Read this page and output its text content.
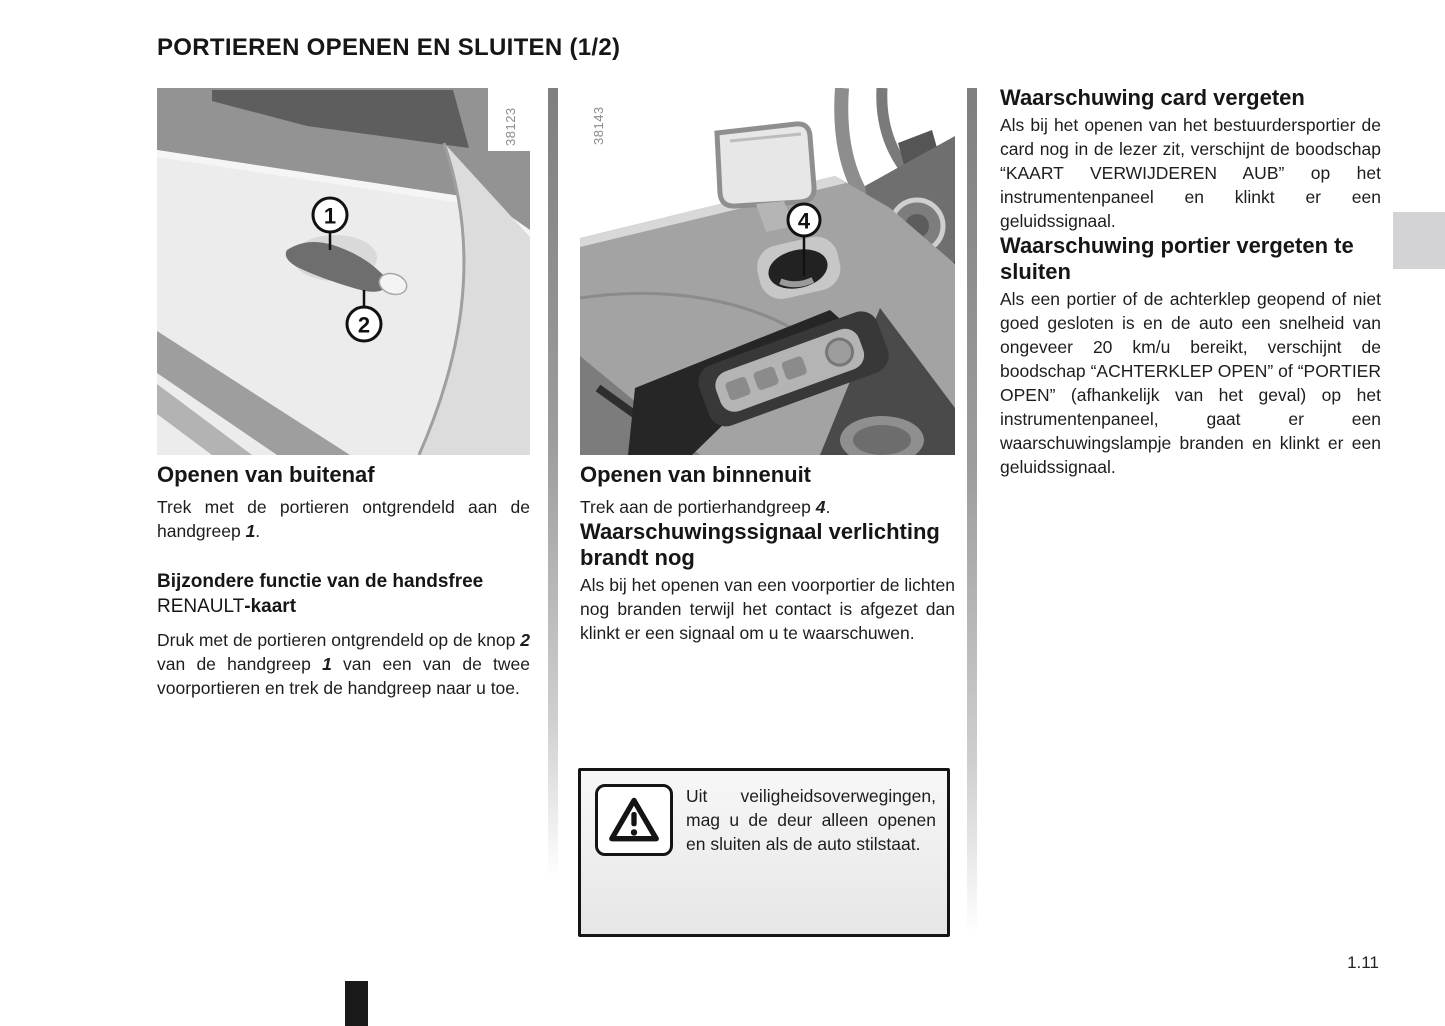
PORTIEREN OPENEN EN SLUITEN (1/2)
38123
1
2
38143
4
Openen van buitenaf

Trek met de portieren ontgrendeld aan de handgreep 1.

Bijzondere functie van de handsfree
RENAULT-kaart

Druk met de portieren ontgrendeld op de knop 2 van de handgreep 1 van een van de twee voorportieren en trek de handgreep naar u toe.

Openen van binnenuit

Trek aan de portierhandgreep 4.

Waarschuwingssignaal verlichting brandt nog

Als bij het openen van een voorportier de lichten nog branden terwijl het contact is afgezet dan klinkt er een signaal om u te waarschuwen.

Waarschuwing card vergeten

Als bij het openen van het bestuurdersportier de card nog in de lezer zit, verschijnt de boodschap “KAART VERWIJDEREN AUB” op het instrumentenpaneel en klinkt er een geluidssignaal.

Waarschuwing portier vergeten te sluiten

Als een portier of de achterklep geopend of niet goed gesloten is en de auto een snelheid van ongeveer 20 km/u bereikt, verschijnt de boodschap “ACHTERKLEP OPEN” of “PORTIER OPEN” (afhankelijk van het geval) op het instrumentenpaneel, gaat er een waarschuwingslampje branden en klinkt er een geluidssignaal.

Uit veiligheidsoverwegingen, mag u de deur alleen openen en sluiten als de auto stilstaat.
1.11
